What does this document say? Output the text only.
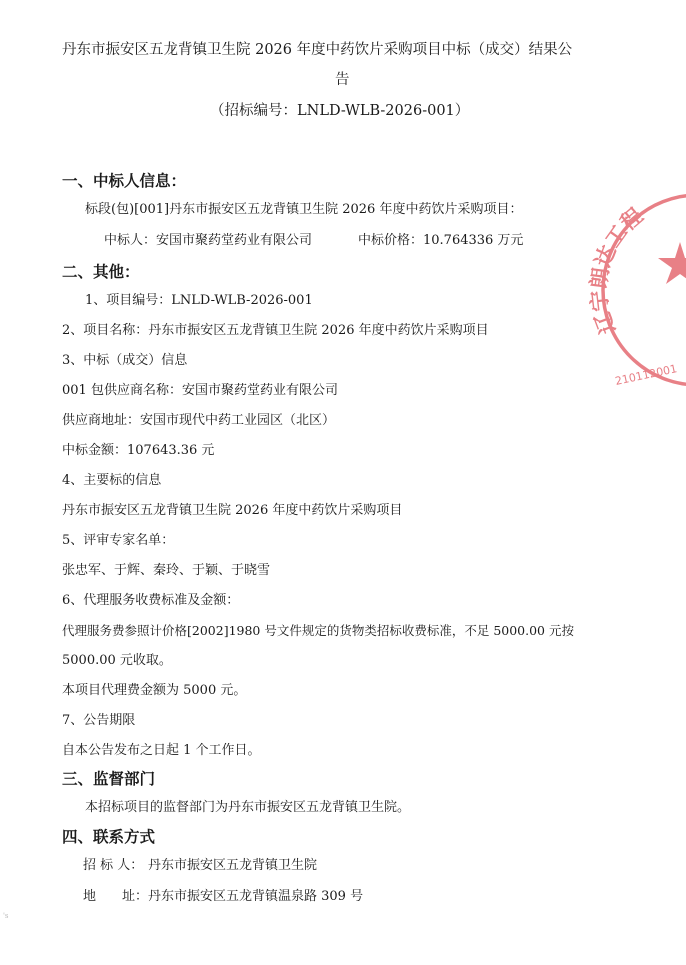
丹东市振安区五龙背镇卫生院 2026 年度中药饮片采购项目中标（成交）结果公
告
（招标编号：LNLD-WLB-2026-001）
一、中标人信息：
标段(包)[001]丹东市振安区五龙背镇卫生院 2026 年度中药饮片采购项目：
中标人：安国市聚药堂药业有限公司	中标价格：10.764336 万元
二、其他：
1、项目编号：LNLD-WLB-2026-001
2、项目名称：丹东市振安区五龙背镇卫生院 2026 年度中药饮片采购项目
3、中标（成交）信息
001 包供应商名称：安国市聚药堂药业有限公司
供应商地址：安国市现代中药工业园区（北区）
中标金额：107643.36 元
4、主要标的信息
丹东市振安区五龙背镇卫生院 2026 年度中药饮片采购项目
5、评审专家名单：
张忠军、于辉、秦玲、于颖、于晓雪
6、代理服务收费标准及金额：
代理服务费参照计价格[2002]1980 号文件规定的货物类招标收费标准，不足 5000.00 元按
5000.00 元收取。
本项目代理费金额为 5000 元。
7、公告期限
自本公告发布之日起 1 个工作日。
三、监督部门
本招标项目的监督部门为丹东市振安区五龙背镇卫生院。
四、联系方式
招 标 人： 丹东市振安区五龙背镇卫生院
地　　址： 丹东市振安区五龙背镇温泉路 309 号
辽宁朗达工程
210112001
's
